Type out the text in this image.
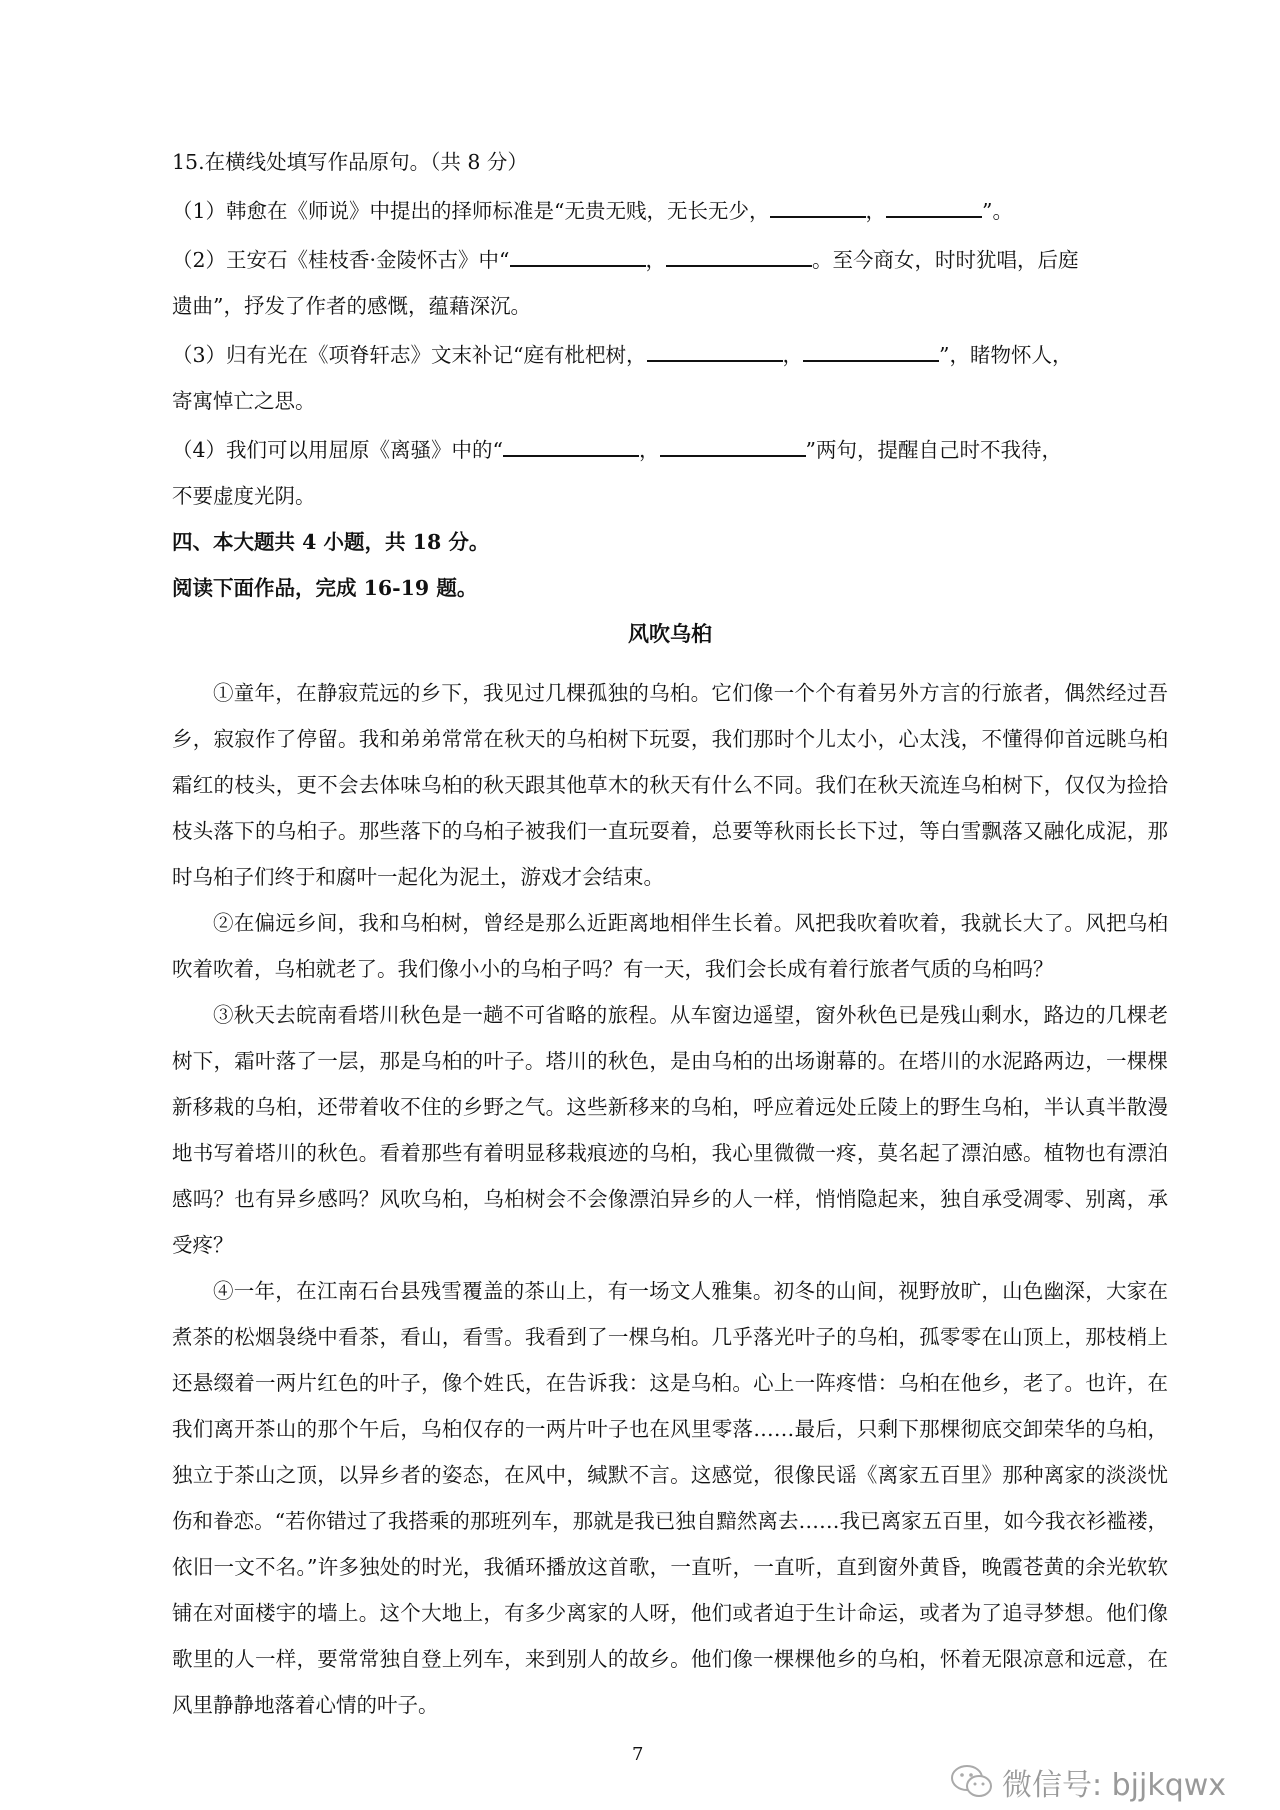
15.在横线处填写作品原句。（共 8 分）

（1）韩愈在《师说》中提出的择师标准是“无贵无贱，无长无少，	，	”。

（2）王安石《桂枝香·金陵怀古》中“	，	。至今商女，时时犹唱，后庭

遗曲”，抒发了作者的感慨，蕴藉深沉。

（3）归有光在《项脊轩志》文末补记“庭有枇杷树，	，	”，睹物怀人，

寄寓悼亡之思。

（4）我们可以用屈原《离骚》中的“	，	”两句，提醒自己时不我待，

不要虚度光阴。

四、本大题共 4 小题，共 18 分。

阅读下面作品，完成 16-19 题。

风吹乌桕

①童年，在静寂荒远的乡下，我见过几棵孤独的乌桕。它们像一个个有着另外方言的行旅者，偶然经过吾乡，寂寂作了停留。我和弟弟常常在秋天的乌桕树下玩耍，我们那时个儿太小，心太浅，不懂得仰首远眺乌桕霜红的枝头，更不会去体味乌桕的秋天跟其他草木的秋天有什么不同。我们在秋天流连乌桕树下，仅仅为捡拾枝头落下的乌桕子。那些落下的乌桕子被我们一直玩耍着，总要等秋雨长长下过，等白雪飘落又融化成泥，那时乌桕子们终于和腐叶一起化为泥土，游戏才会结束。

②在偏远乡间，我和乌桕树，曾经是那么近距离地相伴生长着。风把我吹着吹着，我就长大了。风把乌桕吹着吹着，乌桕就老了。我们像小小的乌桕子吗？有一天，我们会长成有着行旅者气质的乌桕吗？

③秋天去皖南看塔川秋色是一趟不可省略的旅程。从车窗边遥望，窗外秋色已是残山剩水，路边的几棵老树下，霜叶落了一层，那是乌桕的叶子。塔川的秋色，是由乌桕的出场谢幕的。在塔川的水泥路两边，一棵棵新移栽的乌桕，还带着收不住的乡野之气。这些新移来的乌桕，呼应着远处丘陵上的野生乌桕，半认真半散漫地书写着塔川的秋色。看着那些有着明显移栽痕迹的乌桕，我心里微微一疼，莫名起了漂泊感。植物也有漂泊感吗？也有异乡感吗？风吹乌桕，乌桕树会不会像漂泊异乡的人一样，悄悄隐起来，独自承受凋零、别离，承受疼？

④一年，在江南石台县残雪覆盖的茶山上，有一场文人雅集。初冬的山间，视野放旷，山色幽深，大家在煮茶的松烟袅绕中看茶，看山，看雪。我看到了一棵乌桕。几乎落光叶子的乌桕，孤零零在山顶上，那枝梢上还悬缀着一两片红色的叶子，像个姓氏，在告诉我：这是乌桕。心上一阵疼惜：乌桕在他乡，老了。也许，在我们离开茶山的那个午后，乌桕仅存的一两片叶子也在风里零落……最后，只剩下那棵彻底交卸荣华的乌桕，独立于茶山之顶，以异乡者的姿态，在风中，缄默不言。这感觉，很像民谣《离家五百里》那种离家的淡淡忧伤和眷恋。“若你错过了我搭乘的那班列车，那就是我已独自黯然离去……我已离家五百里，如今我衣衫褴褛，依旧一文不名。”许多独处的时光，我循环播放这首歌，一直听，一直听，直到窗外黄昏，晚霞苍黄的余光软软铺在对面楼宇的墙上。这个大地上，有多少离家的人呀，他们或者迫于生计命运，或者为了追寻梦想。他们像歌里的人一样，要常常独自登上列车，来到别人的故乡。他们像一棵棵他乡的乌桕，怀着无限凉意和远意，在风里静静地落着心情的叶子。

7
微信号: bjjkqwx
